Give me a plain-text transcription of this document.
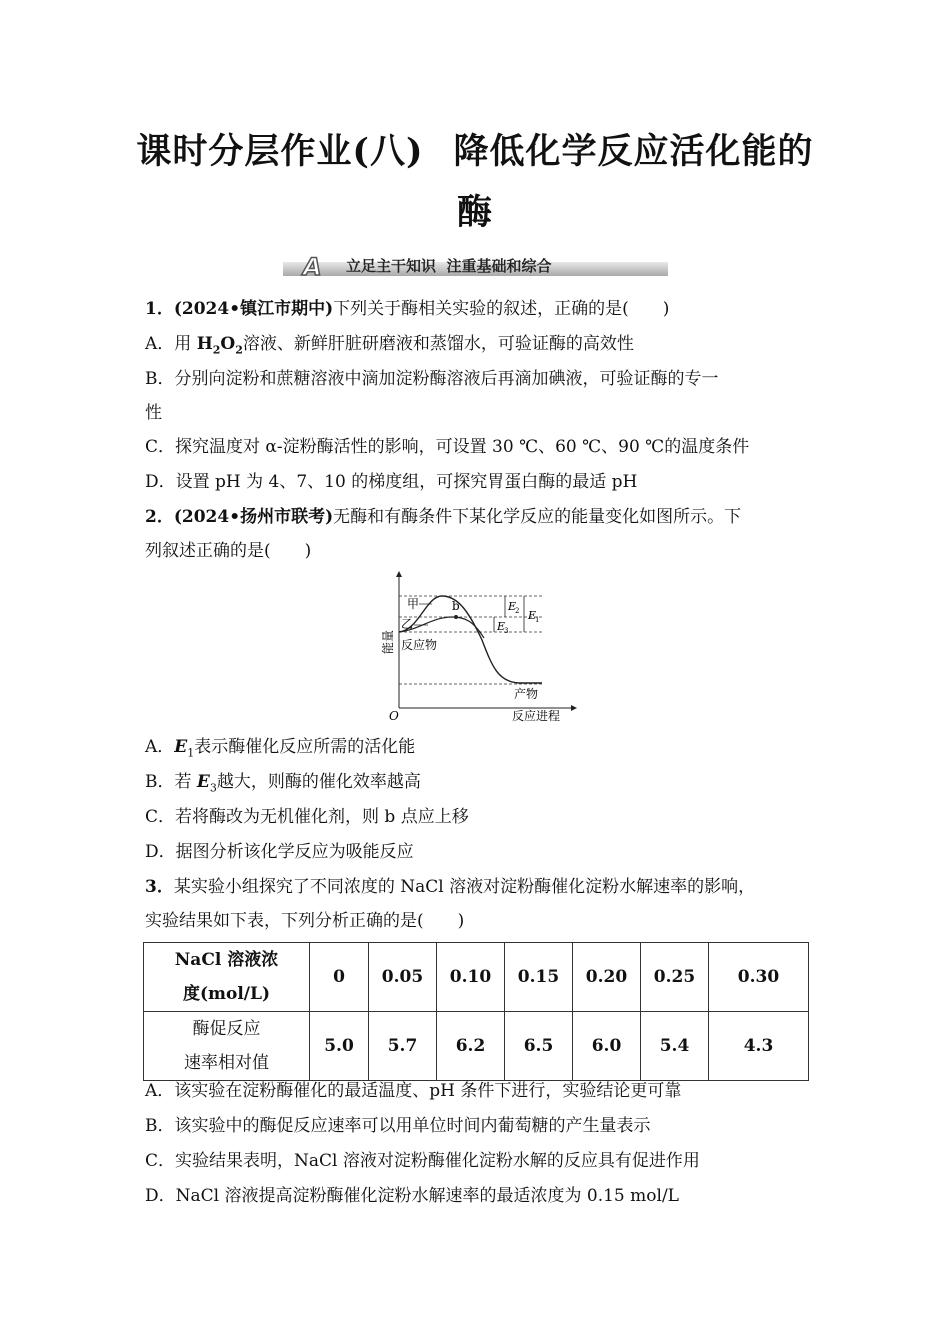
课时分层作业(八) 降低化学反应活化能的
酶
A 立足主干知识  注重基础和综合
1．(2024•镇江市期中)下列关于酶相关实验的叙述，正确的是(　　)
A．用 $H_2O_2$溶液、新鲜肝脏研磨液和蒸馏水，可验证酶的高效性
B．分别向淀粉和蔗糖溶液中滴加淀粉酶溶液后再滴加碘液，可验证酶的专一
性
C．探究温度对 α-淀粉酶活性的影响，可设置 30 ℃、60 ℃、90 ℃的温度条件
D．设置 pH 为 4、7、10 的梯度组，可探究胃蛋白酶的最适 pH
2．(2024•扬州市联考)无酶和有酶条件下某化学反应的能量变化如图所示。下
列叙述正确的是(　　)
能量
O	反应进程
甲
乙
b
反应物
产物
E
2
E
3
E
1
A．$E_1$表示酶催化反应所需的活化能
B．若 $E_3$越大，则酶的催化效率越高
C．若将酶改为无机催化剂，则 b 点应上移
D．据图分析该化学反应为吸能反应
3．某实验小组探究了不同浓度的 NaCl 溶液对淀粉酶催化淀粉水解速率的影响，
实验结果如下表，下列分析正确的是(　　)
NaCl 溶液浓
度(mol/L)	0	0.05	0.10	0.15	0.20	0.25	0.30

酶促反应
速率相对值	5.0	5.7	6.2	6.5	6.0	5.4	4.3
A．该实验在淀粉酶催化的最适温度、pH 条件下进行，实验结论更可靠
B．该实验中的酶促反应速率可以用单位时间内葡萄糖的产生量表示
C．实验结果表明，NaCl 溶液对淀粉酶催化淀粉水解的反应具有促进作用
D．NaCl 溶液提高淀粉酶催化淀粉水解速率的最适浓度为 0.15 mol/L
